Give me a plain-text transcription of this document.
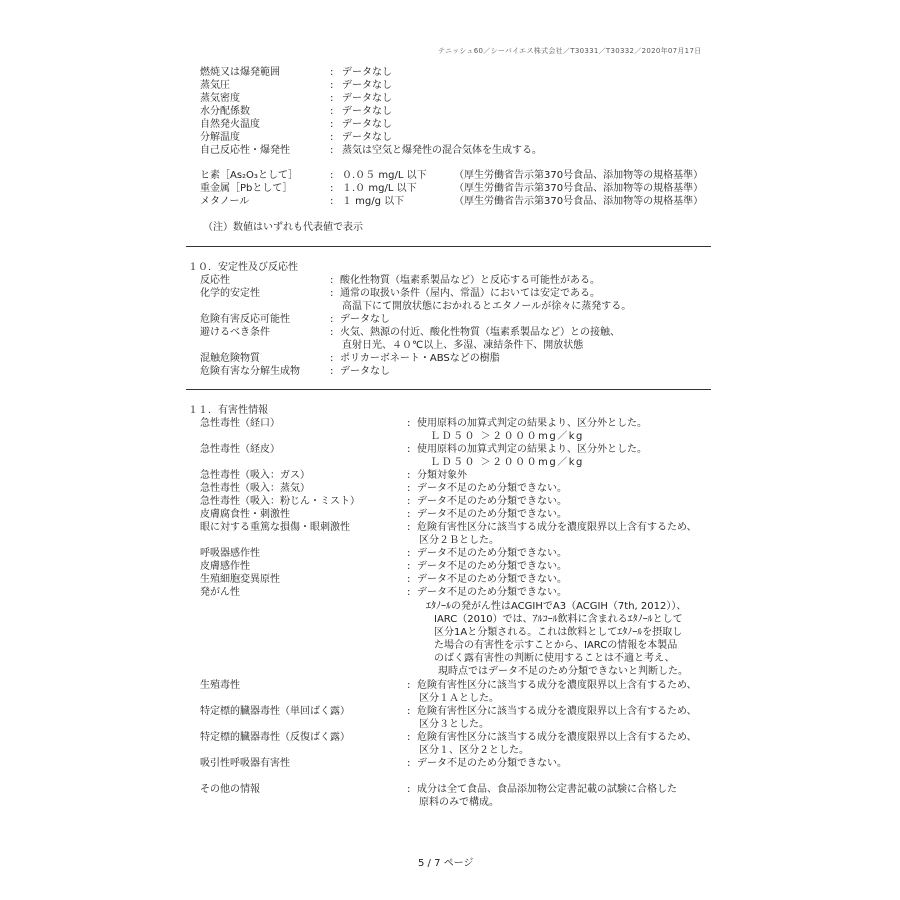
テニッシュ60／シーバイエス株式会社／T30331／T30332／2020年07月17日
燃焼又は爆発範囲	: データなし
蒸気圧	: データなし
蒸気密度	: データなし
水分配係数	: データなし
自然発火温度	: データなし
分解温度	: データなし
自己反応性・爆発性	: 蒸気は空気と爆発性の混合気体を生成する。
ヒ素［As₂O₃として］	: ０.０５ mg/L 以下	（厚生労働省告示第370号食品、添加物等の規格基準）
重金属［Pbとして］	: １.０ mg/L 以下	（厚生労働省告示第370号食品、添加物等の規格基準）
メタノール	: １ mg/g 以下	（厚生労働省告示第370号食品、添加物等の規格基準）
（注）数値はいずれも代表値で表示
１０．安定性及び反応性
反応性	: 酸化性物質（塩素系製品など）と反応する可能性がある。
化学的安定性	: 通常の取扱い条件（屋内、常温）においては安定である。
高温下にて開放状態におかれるとエタノールが徐々に蒸発する。
危険有害反応可能性	: データなし
避けるべき条件	: 火気、熱源の付近、酸化性物質（塩素系製品など）との接触、
直射日光、４０℃以上、多湿、凍結条件下、開放状態
混触危険物質	: ポリカーボネート・ABSなどの樹脂
危険有害な分解生成物	: データなし
１１．有害性情報
急性毒性（経口）	: 使用原料の加算式判定の結果より、区分外とした。
ＬＤ５０ ＞２０００mg／kg
急性毒性（経皮）	: 使用原料の加算式判定の結果より、区分外とした。
ＬＤ５０ ＞２０００mg／kg
急性毒性（吸入：ガス）	: 分類対象外
急性毒性（吸入：蒸気）	: データ不足のため分類できない。
急性毒性（吸入：粉じん・ミスト）	: データ不足のため分類できない。
皮膚腐食性・刺激性	: データ不足のため分類できない。
眼に対する重篤な損傷・眼刺激性	: 危険有害性区分に該当する成分を濃度限界以上含有するため、
区分２Ｂとした。
呼吸器感作性	: データ不足のため分類できない。
皮膚感作性	: データ不足のため分類できない。
生殖細胞変異原性	: データ不足のため分類できない。
発がん性	: データ不足のため分類できない。
ｴﾀﾉｰﾙの発がん性はACGIHでA3（ACGIH（7th, 2012））、
IARC（2010）では、ｱﾙｺｰﾙ飲料に含まれるｴﾀﾉｰﾙとして
区分1Aと分類される。これは飲料としてｴﾀﾉｰﾙを摂取し
た場合の有害性を示すことから、IARCの情報を本製品
のばく露有害性の判断に使用することは不適と考え、
現時点ではデータ不足のため分類できないと判断した。
生殖毒性	: 危険有害性区分に該当する成分を濃度限界以上含有するため、
区分１Ａとした。
特定標的臓器毒性（単回ばく露）	: 危険有害性区分に該当する成分を濃度限界以上含有するため、
区分３とした。
特定標的臓器毒性（反復ばく露）	: 危険有害性区分に該当する成分を濃度限界以上含有するため、
区分１、区分２とした。
吸引性呼吸器有害性	: データ不足のため分類できない。
その他の情報	: 成分は全て食品、食品添加物公定書記載の試験に合格した
原料のみで構成。
5 / 7 ページ
